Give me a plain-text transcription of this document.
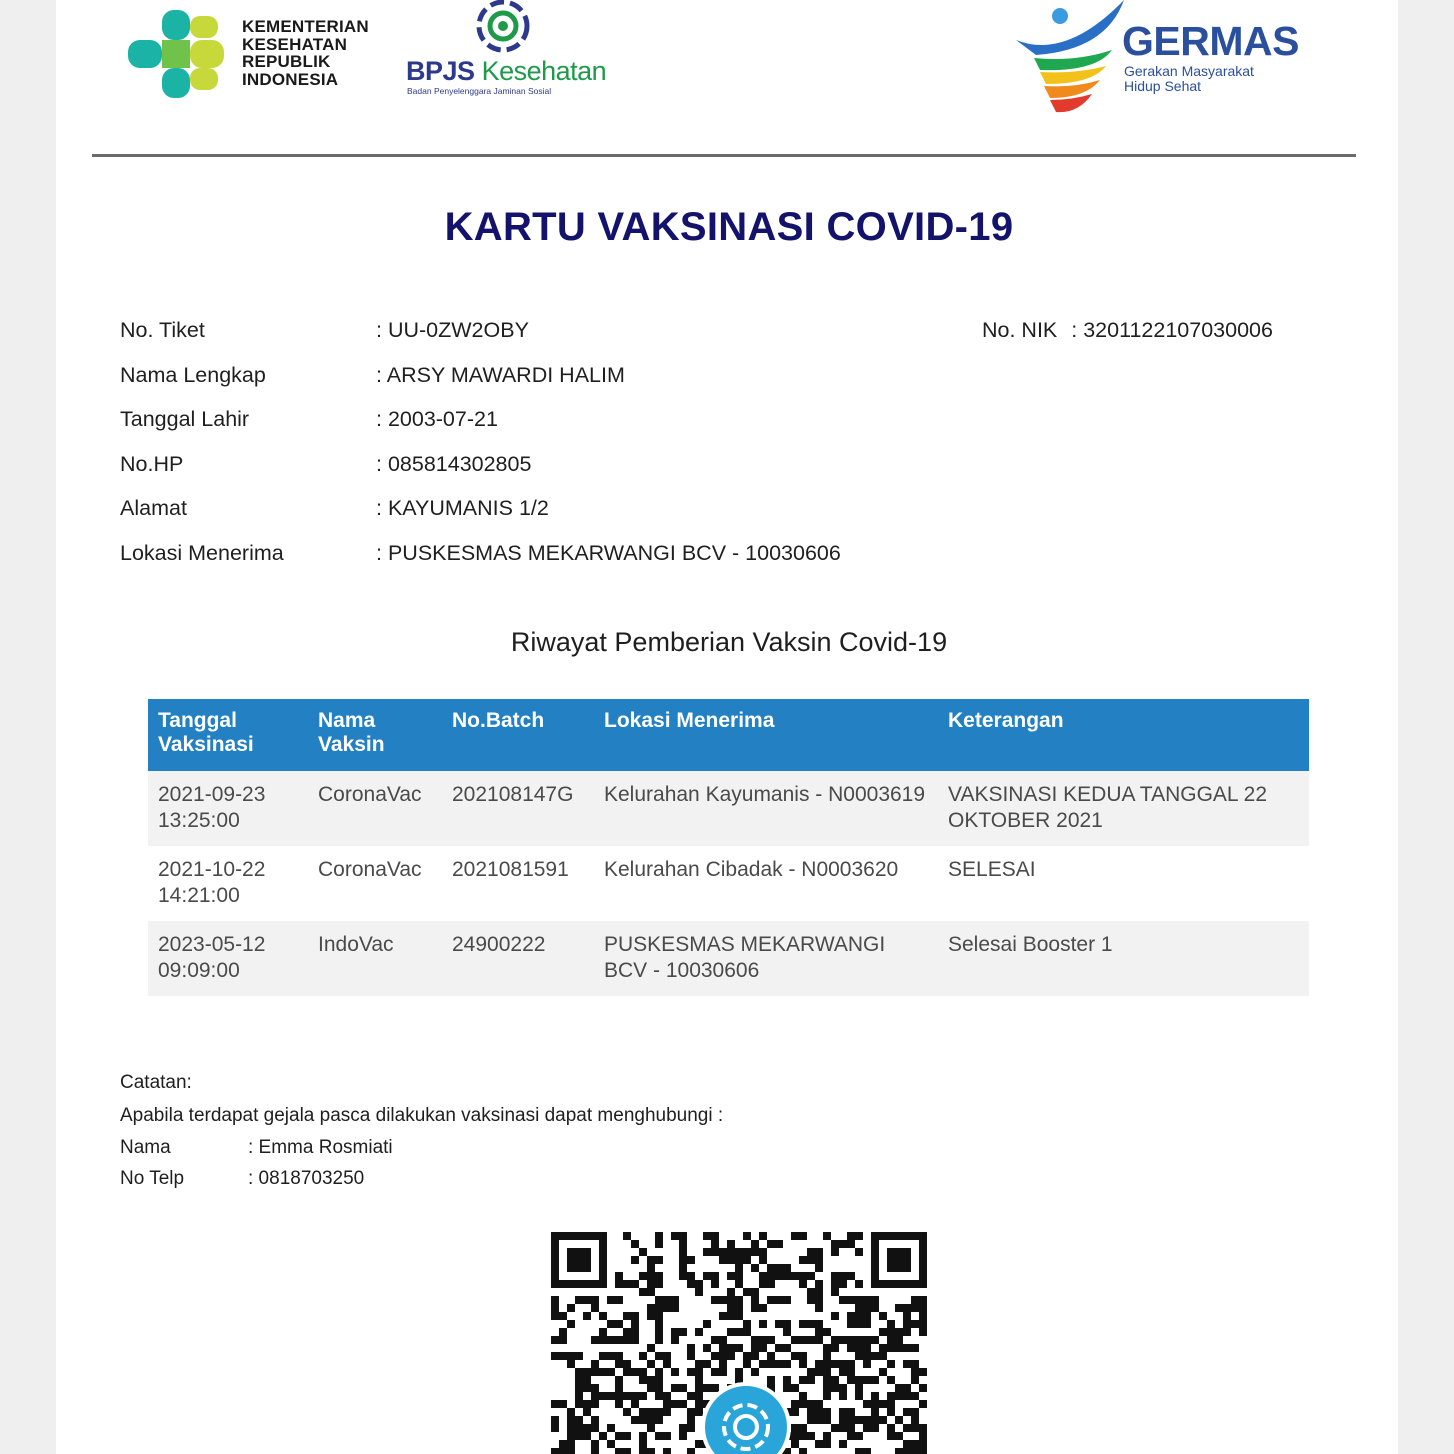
KEMENTERIAN
KESEHATAN
REPUBLIK
INDONESIA	BPJS Kesehatan
Badan Penyelenggara Jaminan Sosial
GERMAS
Gerakan Masyarakat
Hidup Sehat
KARTU VAKSINASI COVID-19
No. Tiket	: UU-0ZW2OBY
Nama Lengkap	: ARSY MAWARDI HALIM
Tanggal Lahir	: 2003-07-21
No.HP	: 085814302805
Alamat	: KAYUMANIS 1/2
Lokasi Menerima	: PUSKESMAS MEKARWANGI BCV - 10030606
No. NIK : 3201122107030006
Riwayat Pemberian Vaksin Covid-19
Tanggal Vaksinasi	Nama Vaksin	No.Batch	Lokasi Menerima	Keterangan
2021-09-23 13:25:00	CoronaVac	202108147G	Kelurahan Kayumanis - N0003619	VAKSINASI KEDUA TANGGAL 22 OKTOBER 2021
2021-10-22 14:21:00	CoronaVac	2021081591	Kelurahan Cibadak - N0003620	SELESAI
2023-05-12 09:09:00	IndoVac	24900222	PUSKESMAS MEKARWANGI BCV - 10030606	Selesai Booster 1
Catatan:
Apabila terdapat gejala pasca dilakukan vaksinasi dapat menghubungi :
Nama	: Emma Rosmiati
No Telp	: 0818703250
